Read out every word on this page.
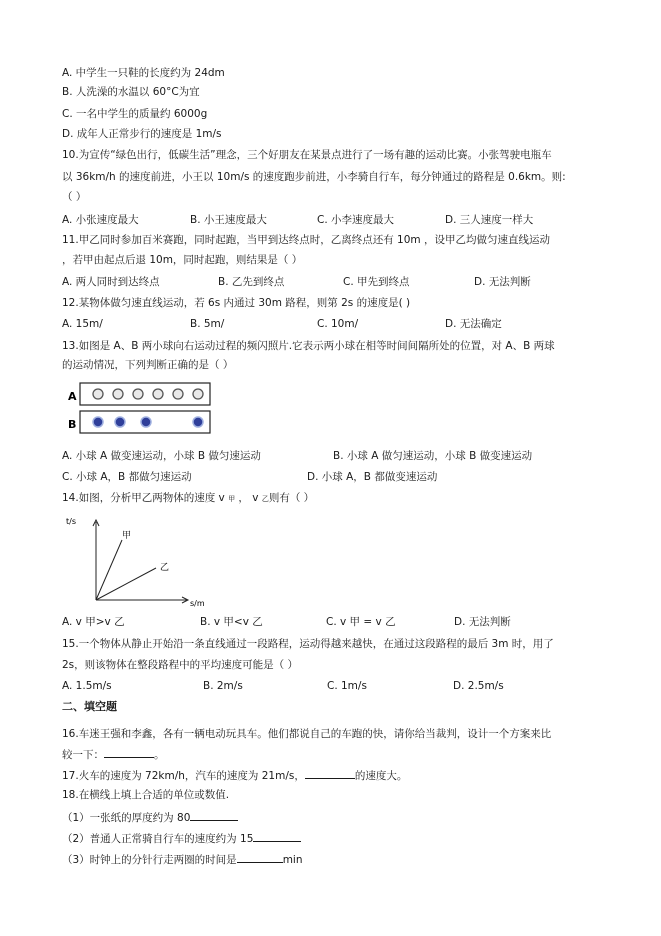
A. 中学生一只鞋的长度约为 24dm
B. 人洗澡的水温以 60°C为宜
C. 一名中学生的质量约 6000g
D. 成年人正常步行的速度是 1m/s
10.为宣传“绿色出行，低碳生活”理念，三个好朋友在某景点进行了一场有趣的运动比赛。小张驾驶电瓶车
以 36km/h 的速度前进，小王以 10m/s 的速度跑步前进，小李骑自行车，每分钟通过的路程是 0.6km。则:
（ ）
A. 小张速度最大	B. 小王速度最大	C. 小李速度最大	D. 三人速度一样大
11.甲乙同时参加百米赛跑，同时起跑，当甲到达终点时，乙离终点还有 10m ，设甲乙均做匀速直线运动
，若甲由起点后退 10m，同时起跑，则结果是（ ）
A. 两人同时到达终点	B. 乙先到终点	C. 甲先到终点	D. 无法判断
12.某物体做匀速直线运动，若 6s 内通过 30m 路程，则第 2s 的速度是( )
A. 15m/	B. 5m/	C. 10m/	D. 无法确定
13.如图是 A、B 两小球向右运动过程的频闪照片.它表示两小球在相等时间间隔所处的位置，对 A、B 两球
的运动情况，下列判断正确的是（ ）
A
B
A. 小球 A 做变速运动，小球 B 做匀速运动	B. 小球 A 做匀速运动，小球 B 做变速运动
C. 小球 A，B 都做匀速运动	D. 小球 A，B 都做变速运动
14.如图，分析甲乙两物体的速度 v 甲 ， v 乙则有（ ）
t/s
s/m
甲
乙
A. v 甲>v 乙	B. v 甲<v 乙	C. v 甲 = v 乙	D. 无法判断
15.一个物体从静止开始沿一条直线通过一段路程，运动得越来越快，在通过这段路程的最后 3m 时，用了
2s，则该物体在整段路程中的平均速度可能是（ ）
A. 1.5m/s	B. 2m/s	C. 1m/s	D. 2.5m/s
二、填空题
16.车迷王强和李鑫，各有一辆电动玩具车。他们都说自己的车跑的快，请你给当裁判，设计一个方案来比
较一下：	。
17.火车的速度为 72km/h，汽车的速度为 21m/s，	的速度大。
18.在横线上填上合适的单位或数值.
（1）一张纸的厚度约为 80
（2）普通人正常骑自行车的速度约为 15
（3）时钟上的分针行走两圈的时间是	min
